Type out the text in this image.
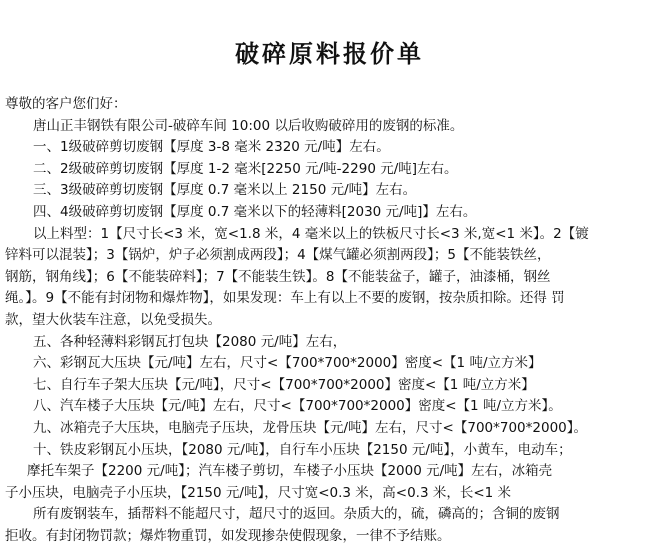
破碎原料报价单
尊敬的客户您们好：
唐山正丰钢铁有限公司-破碎车间 10:00 以后收购破碎用的废钢的标准。
一、1级破碎剪切废钢【厚度 3-8 毫米 2320 元/吨】左右。
二、2级破碎剪切废钢【厚度 1-2 毫米[2250 元/吨-2290 元/吨]左右。
三、3级破碎剪切废钢【厚度 0.7 毫米以上 2150 元/吨】左右。
四、4级破碎剪切废钢【厚度 0.7 毫米以下的轻薄料[2030 元/吨]】左右。
以上料型：1【尺寸长<3 米，宽<1.8 米，4 毫米以上的铁板尺寸长<3 米,宽<1 米】。2【镀
锌料可以混装】；3【锅炉，炉子必须割成两段】；4【煤气罐必须割两段】；5【不能装铁丝，
钢筋，钢角线】；6【不能装碎料】；7【不能装生铁】。8【不能装盆子，罐子，油漆桶，钢丝
绳。】。9【不能有封闭物和爆炸物】，如果发现：车上有以上不要的废钢，按杂质扣除。还得 罚
款，望大伙装车注意，以免受损失。
五、各种轻薄料彩钢瓦打包块【2080 元/吨】左右，
六、彩钢瓦大压块【元/吨】左右，尺寸<【700*700*2000】密度<【1 吨/立方米】
七、自行车子架大压块【元/吨】，尺寸<【700*700*2000】密度<【1 吨/立方米】
八、汽车楼子大压块【元/吨】左右，尺寸<【700*700*2000】密度<【1 吨/立方米】。
九、冰箱壳子大压块，电脑壳子压块，龙骨压块【元/吨】左右，尺寸<【700*700*2000】。
十、铁皮彩钢瓦小压块，【2080 元/吨】，自行车小压块【2150 元/吨】，小黄车，电动车；
摩托车架子【2200 元/吨】；汽车楼子剪切，车楼子小压块【2000 元/吨】左右，冰箱壳
子小压块，电脑壳子小压块，【2150 元/吨】，尺寸宽<0.3 米，高<0.3 米，长<1 米
所有废钢装车，插帮料不能超尺寸，超尺寸的返回。杂质大的，硫，磷高的；含铜的废钢
拒收。有封闭物罚款；爆炸物重罚，如发现掺杂使假现象，一律不予结账。
